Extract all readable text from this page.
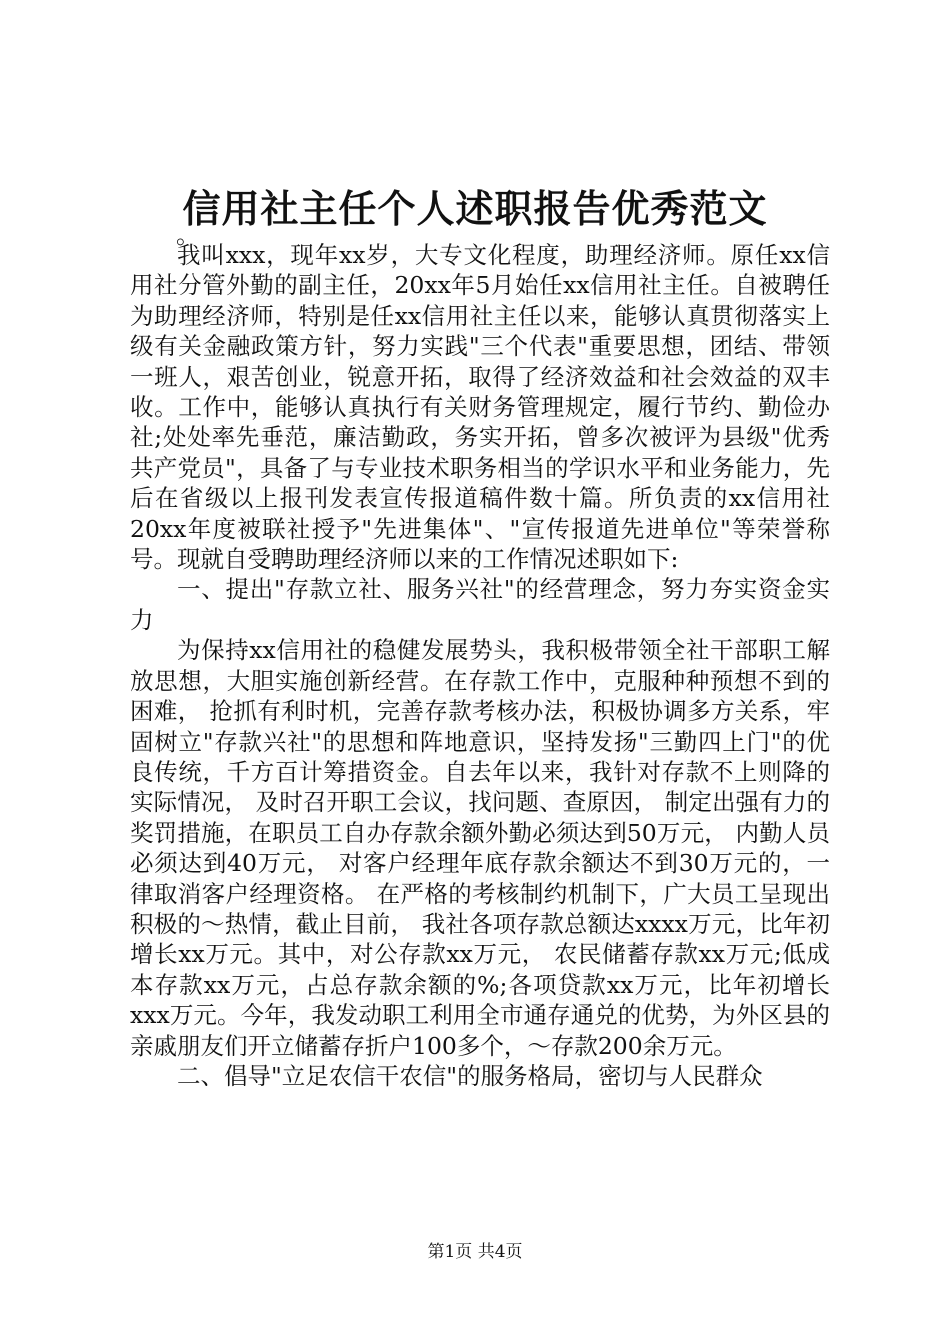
信用社主任个人述职报告优秀范文
。

我叫xxx，现年xx岁，大专文化程度，助理经济师。原任xx信用社分管外勤的副主任，20xx年5月始任xx信用社主任。自被聘任为助理经济师，特别是任xx信用社主任以来，能够认真贯彻落实上级有关金融政策方针，努力实践"三个代表"重要思想，团结、带领一班人，艰苦创业，锐意开拓，取得了经济效益和社会效益的双丰收。工作中，能够认真执行有关财务管理规定，履行节约、勤俭办社;处处率先垂范，廉洁勤政，务实开拓，曾多次被评为县级"优秀共产党员"，具备了与专业技术职务相当的学识水平和业务能力，先后在省级以上报刊发表宣传报道稿件数十篇。所负责的xx信用社20xx年度被联社授予"先进集体"、"宣传报道先进单位"等荣誉称号。现就自受聘助理经济师以来的工作情况述职如下:

一、提出"存款立社、服务兴社"的经营理念，努力夯实资金实力

为保持xx信用社的稳健发展势头，我积极带领全社干部职工解放思想，大胆实施创新经营。在存款工作中，克服种种预想不到的困难， 抢抓有利时机，完善存款考核办法，积极协调多方关系，牢固树立"存款兴社"的思想和阵地意识，坚持发扬"三勤四上门"的优良传统，千方百计筹措资金。自去年以来，我针对存款不上则降的实际情况， 及时召开职工会议，找问题、查原因， 制定出强有力的奖罚措施，在职员工自办存款余额外勤必须达到50万元， 内勤人员必须达到40万元， 对客户经理年底存款余额达不到30万元的，一律取消客户经理资格。 在严格的考核制约机制下，广大员工呈现出积极的～热情，截止目前， 我社各项存款总额达xxxx万元，比年初增长xx万元。其中，对公存款xx万元， 农民储蓄存款xx万元;低成本存款xx万元，占总存款余额的%;各项贷款xx万元，比年初增长xxx万元。今年，我发动职工利用全市通存通兑的优势，为外区县的亲戚朋友们开立储蓄存折户100多个，～存款200余万元。

二、倡导"立足农信干农信"的服务格局，密切与人民群众

第1页 共4页
